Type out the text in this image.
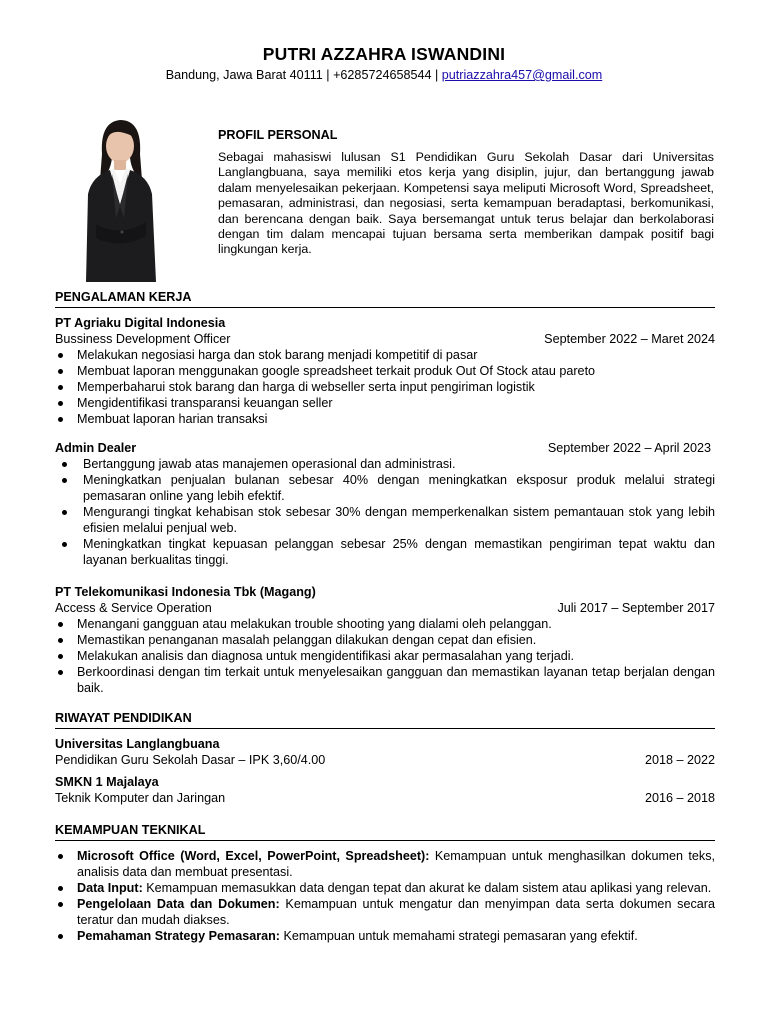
PUTRI AZZAHRA ISWANDINI
Bandung, Jawa Barat 40111 | +6285724658544 | putriazzahra457@gmail.com
PROFIL PERSONAL
Sebagai mahasiswi lulusan S1 Pendidikan Guru Sekolah Dasar dari Universitas Langlangbuana, saya memiliki etos kerja yang disiplin, jujur, dan bertanggung jawab dalam menyelesaikan pekerjaan. Kompetensi saya meliputi Microsoft Word, Spreadsheet, pemasaran, administrasi, dan negosiasi, serta kemampuan beradaptasi, berkomunikasi, dan berencana dengan baik. Saya bersemangat untuk terus belajar dan berkolaborasi dengan tim dalam mencapai tujuan bersama serta memberikan dampak positif bagi lingkungan kerja.
PENGALAMAN KERJA
PT Agriaku Digital Indonesia
Bussiness Development Officer	September 2022 – Maret 2024
Melakukan negosiasi harga dan stok barang menjadi kompetitif di pasar
Membuat laporan menggunakan google spreadsheet terkait produk Out Of Stock atau pareto
Memperbaharui stok barang dan harga di webseller serta input pengiriman logistik
Mengidentifikasi transparansi keuangan seller
Membuat laporan harian transaksi
Admin Dealer	September 2022 – April 2023
Bertanggung jawab atas manajemen operasional dan administrasi.
Meningkatkan penjualan bulanan sebesar 40% dengan meningkatkan eksposur produk melalui strategi pemasaran online yang lebih efektif.
Mengurangi tingkat kehabisan stok sebesar 30% dengan memperkenalkan sistem pemantauan stok yang lebih efisien melalui penjual web.
Meningkatkan tingkat kepuasan pelanggan sebesar 25% dengan memastikan pengiriman tepat waktu dan layanan berkualitas tinggi.
PT Telekomunikasi Indonesia Tbk (Magang)
Access & Service Operation	Juli 2017 – September 2017
Menangani gangguan atau melakukan trouble shooting yang dialami oleh pelanggan.
Memastikan penanganan masalah pelanggan dilakukan dengan cepat dan efisien.
Melakukan analisis dan diagnosa untuk mengidentifikasi akar permasalahan yang terjadi.
Berkoordinasi dengan tim terkait untuk menyelesaikan gangguan dan memastikan layanan tetap berjalan dengan baik.
RIWAYAT PENDIDIKAN
Universitas Langlangbuana
Pendidikan Guru Sekolah Dasar – IPK 3,60/4.00	2018 – 2022
SMKN 1 Majalaya
Teknik Komputer dan Jaringan	2016 – 2018
KEMAMPUAN TEKNIKAL
Microsoft Office (Word, Excel, PowerPoint, Spreadsheet): Kemampuan untuk menghasilkan dokumen teks, analisis data dan membuat presentasi.
Data Input: Kemampuan memasukkan data dengan tepat dan akurat ke dalam sistem atau aplikasi yang relevan.
Pengelolaan Data dan Dokumen: Kemampuan untuk mengatur dan menyimpan data serta dokumen secara teratur dan mudah diakses.
Pemahaman Strategy Pemasaran: Kemampuan untuk memahami strategi pemasaran yang efektif.
